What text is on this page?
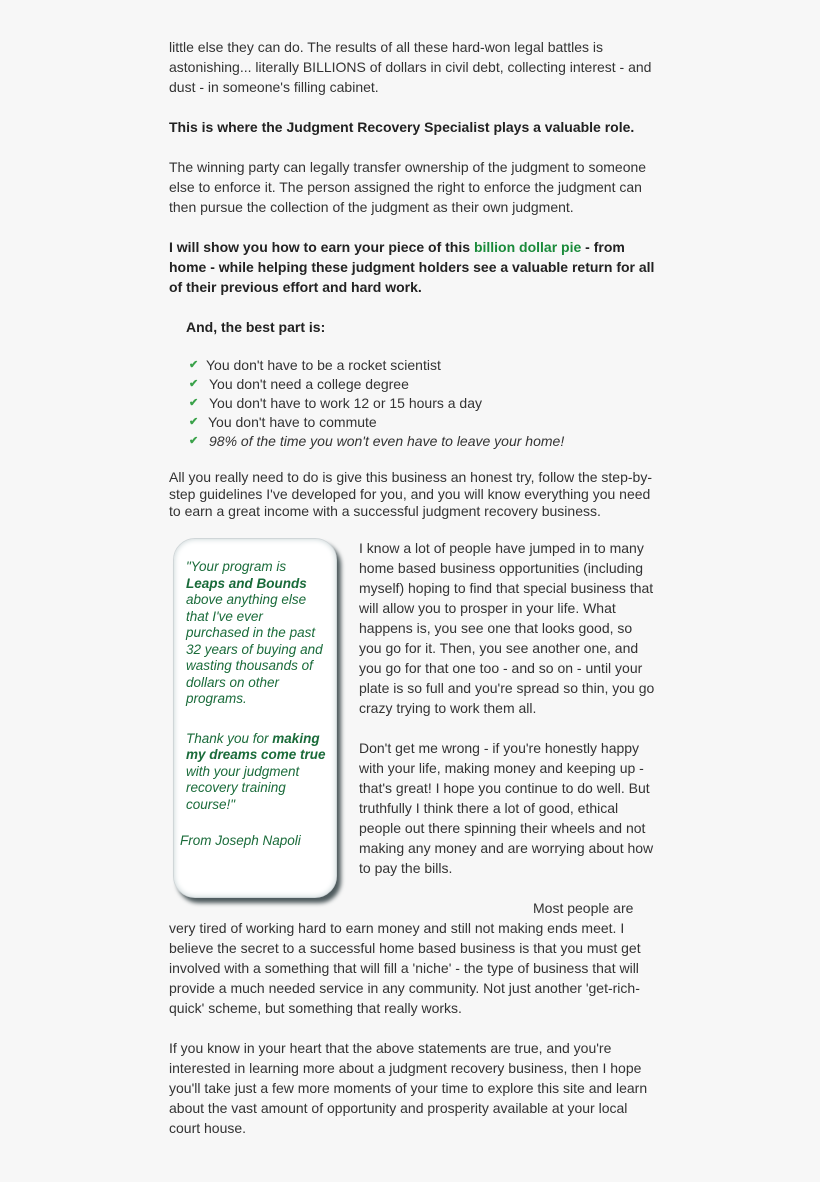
little else they can do. The results of all these hard-won legal battles is astonishing... literally BILLIONS of dollars in civil debt, collecting interest - and dust - in someone's filling cabinet.

This is where the Judgment Recovery Specialist plays a valuable role.

The winning party can legally transfer ownership of the judgment to someone else to enforce it. The person assigned the right to enforce the judgment can then pursue the collection of the judgment as their own judgment.

I will show you how to earn your piece of this billion dollar pie - from home - while helping these judgment holders see a valuable return for all of their previous effort and hard work.

And, the best part is:

✔ You don't have to be a rocket scientist
✔ You don't need a college degree
✔ You don't have to work 12 or 15 hours a day
✔ You don't have to commute
✔ 98% of the time you won't even have to leave your home!

All you really need to do is give this business an honest try, follow the step-by-step guidelines I've developed for you, and you will know everything you need to earn a great income with a successful judgment recovery business.

"Your program is Leaps and Bounds above anything else that I've ever purchased in the past 32 years of buying and wasting thousands of dollars on other programs.
Thank you for making my dreams come true with your judgment recovery training course!"
From Joseph Napoli

I know a lot of people have jumped in to many home based business opportunities (including myself) hoping to find that special business that will allow you to prosper in your life. What happens is, you see one that looks good, so you go for it. Then, you see another one, and you go for that one too - and so on - until your plate is so full and you're spread so thin, you go crazy trying to work them all.

Don't get me wrong - if you're honestly happy with your life, making money and keeping up - that's great! I hope you continue to do well. But truthfully I think there a lot of good, ethical people out there spinning their wheels and not making any money and are worrying about how to pay the bills.

Most people are very tired of working hard to earn money and still not making ends meet. I believe the secret to a successful home based business is that you must get involved with a something that will fill a 'niche' - the type of business that will provide a much needed service in any community. Not just another 'get-rich-quick' scheme, but something that really works.

If you know in your heart that the above statements are true, and you're interested in learning more about a judgment recovery business, then I hope you'll take just a few more moments of your time to explore this site and learn about the vast amount of opportunity and prosperity available at your local court house.
